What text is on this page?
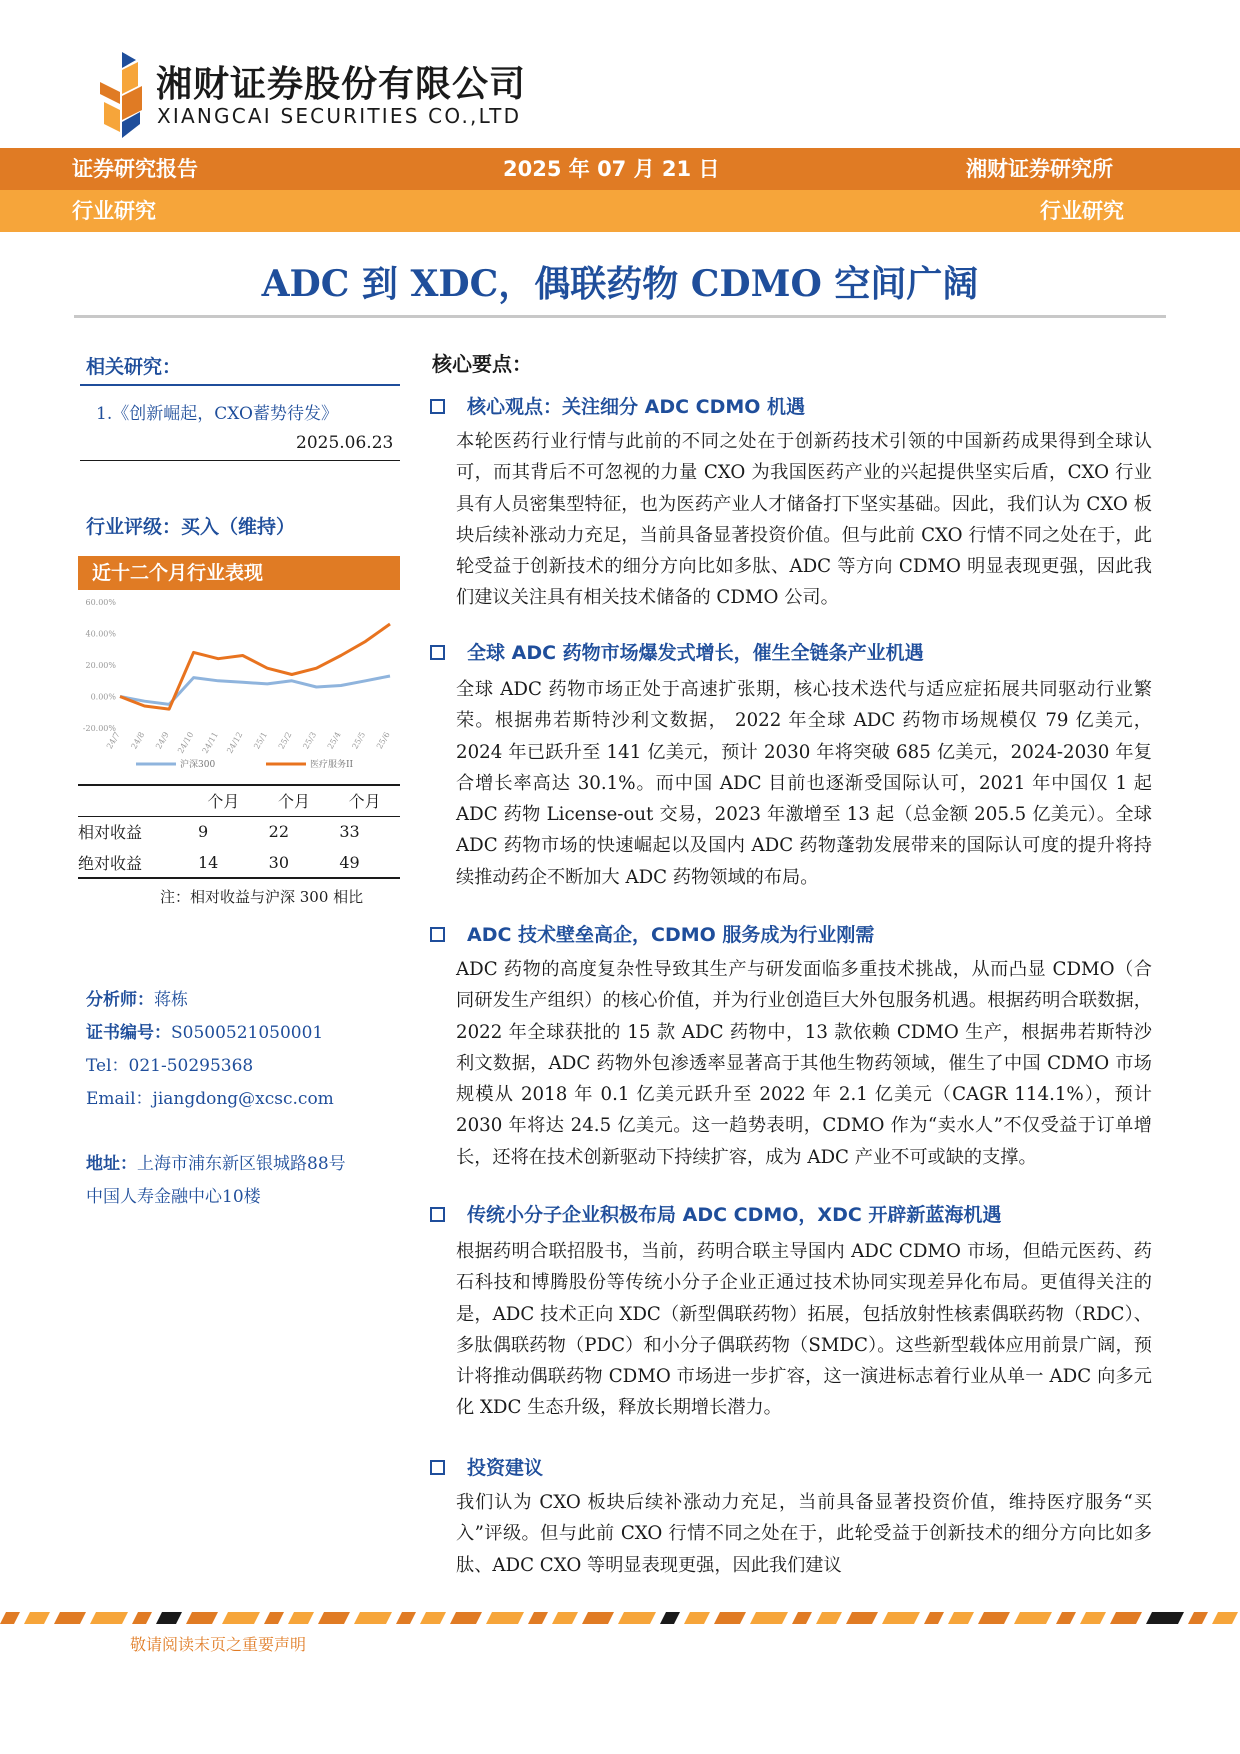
湘财证券股份有限公司
XIANGCAI SECURITIES CO.,LTD
证券研究报告	2025 年 07 月 21 日	湘财证券研究所
行业研究	行业研究
ADC 到 XDC，偶联药物 CDMO 空间广阔
相关研究：
1.《创新崛起，CXO蓄势待发》
2025.06.23
行业评级：买入（维持）
近十二个月行业表现
60.00%
40.00%
20.00%
0.00%
-20.00%
24/7 24/8 24/9 24/10 24/11 24/12 25/1 25/2 25/3 25/4 25/5 25/6
沪深300	医疗服务II
	个月	个月	个月
相对收益	9	22	33
绝对收益	14	30	49
注：相对收益与沪深 300 相比
分析师：蒋栋
证书编号：S0500521050001
Tel：021-50295368
Email：jiangdong@xcsc.com
地址：上海市浦东新区银城路88号
中国人寿金融中心10楼
核心要点：
核心观点：关注细分 ADC CDMO 机遇
本轮医药行业行情与此前的不同之处在于创新药技术引领的中国新药成果得到全球认可，而其背后不可忽视的力量 CXO 为我国医药产业的兴起提供坚实后盾，CXO 行业具有人员密集型特征，也为医药产业人才储备打下坚实基础。因此，我们认为 CXO 板块后续补涨动力充足，当前具备显著投资价值。但与此前 CXO 行情不同之处在于，此轮受益于创新技术的细分方向比如多肽、ADC 等方向 CDMO 明显表现更强，因此我们建议关注具有相关技术储备的 CDMO 公司。
全球 ADC 药物市场爆发式增长，催生全链条产业机遇
全球 ADC 药物市场正处于高速扩张期，核心技术迭代与适应症拓展共同驱动行业繁荣。根据弗若斯特沙利文数据， 2022 年全球 ADC 药物市场规模仅 79 亿美元，2024 年已跃升至 141 亿美元，预计 2030 年将突破 685 亿美元，2024-2030 年复合增长率高达 30.1%。而中国 ADC 目前也逐渐受国际认可，2021 年中国仅 1 起 ADC 药物 License-out 交易，2023 年激增至 13 起（总金额 205.5 亿美元）。全球 ADC 药物市场的快速崛起以及国内 ADC 药物蓬勃发展带来的国际认可度的提升将持续推动药企不断加大 ADC 药物领域的布局。
ADC 技术壁垒高企，CDMO 服务成为行业刚需
ADC 药物的高度复杂性导致其生产与研发面临多重技术挑战，从而凸显 CDMO（合同研发生产组织）的核心价值，并为行业创造巨大外包服务机遇。根据药明合联数据，2022 年全球获批的 15 款 ADC 药物中，13 款依赖 CDMO 生产，根据弗若斯特沙利文数据，ADC 药物外包渗透率显著高于其他生物药领域，催生了中国 CDMO 市场规模从 2018 年 0.1 亿美元跃升至 2022 年 2.1 亿美元（CAGR 114.1%），预计 2030 年将达 24.5 亿美元。这一趋势表明，CDMO 作为“卖水人”不仅受益于订单增长，还将在技术创新驱动下持续扩容，成为 ADC 产业不可或缺的支撑。
传统小分子企业积极布局 ADC CDMO，XDC 开辟新蓝海机遇
根据药明合联招股书，当前，药明合联主导国内 ADC CDMO 市场，但皓元医药、药石科技和博腾股份等传统小分子企业正通过技术协同实现差异化布局。更值得关注的是，ADC 技术正向 XDC（新型偶联药物）拓展，包括放射性核素偶联药物（RDC）、多肽偶联药物（PDC）和小分子偶联药物（SMDC）。这些新型载体应用前景广阔，预计将推动偶联药物 CDMO 市场进一步扩容，这一演进标志着行业从单一 ADC 向多元化 XDC 生态升级，释放长期增长潜力。
投资建议
我们认为 CXO 板块后续补涨动力充足，当前具备显著投资价值，维持医疗服务“买入”评级。但与此前 CXO 行情不同之处在于，此轮受益于创新技术的细分方向比如多肽、ADC CXO 等明显表现更强，因此我们建议
敬请阅读末页之重要声明
